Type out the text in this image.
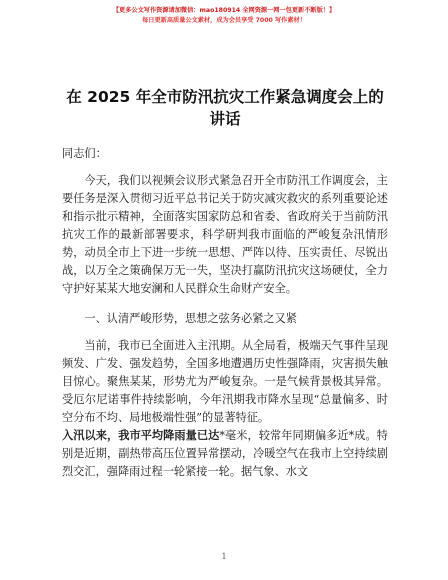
【更多公文写作资源请加微信：mao180914 全网资源一网一包更新不断版！】
每日更新高质量公文素材，成为会员享受 7000 写作素材！
在 2025 年全市防汛抗灾工作紧急调度会上的讲话
同志们：

今天，我们以视频会议形式紧急召开全市防汛工作调度会，主要任务是深入贯彻习近平总书记关于防灾减灾救灾的系列重要论述和指示批示精神，全面落实国家防总和省委、省政府关于当前防汛抗灾工作的最新部署要求，科学研判我市面临的严峻复杂汛情形势，动员全市上下进一步统一思想、严阵以待、压实责任、尽锐出战，以万全之策确保万无一失，坚决打赢防汛抗灾这场硬仗，全力守护好某某大地安澜和人民群众生命财产安全。

一、认清严峻形势，思想之弦务必紧之又紧

当前，我市已全面进入主汛期。从全局看，极端天气事件呈现频发、广发、强发趋势，全国多地遭遇历史性强降雨，灾害损失触目惊心。聚焦某某，形势尤为严峻复杂。一是气候背景极其异常。受厄尔尼诺事件持续影响，今年汛期我市降水呈现“总量偏多、时空分布不均、局地极端性强”的显著特征。

入汛以来，我市平均降雨量已达*毫米，较常年同期偏多近*成。特别是近期，副热带高压位置异常摆动，冷暖空气在我市上空持续剧烈交汇，强降雨过程一轮紧接一轮。据气象、水文

1
